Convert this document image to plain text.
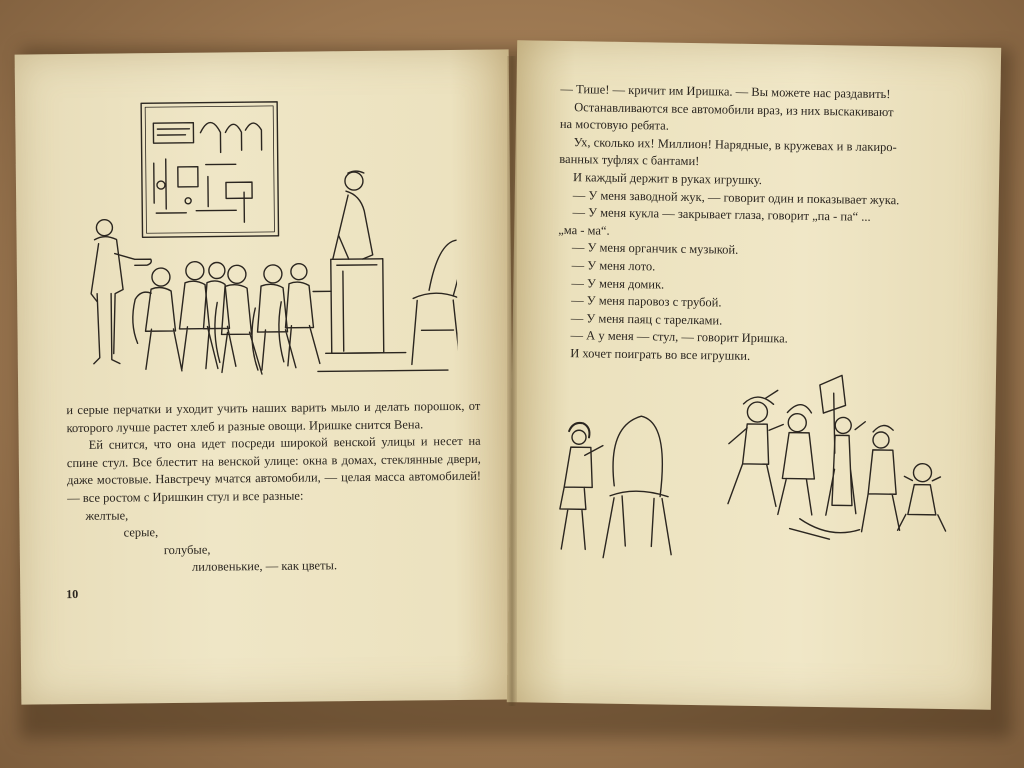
и серые перчатки и уходит учить наших варить мыло и делать порошок, от которого лучше растет хлеб и разные овощи. Иришке снится Вена.

Ей снится, что она идет посреди широкой венской улицы и несет на спине стул. Все блестит на венской улице: окна в домах, стеклянные двери, даже мостовые. Навстречу мчатся автомобили, — целая масса автомобилей! — все ростом с Иришкин стул и все разные:

желтые,
серые,
голубые,
лиловенькие, — как цветы.
10
— Тише! — кричит им Иришка. — Вы можете нас раздавить!
Останавливаются все автомобили враз, из них выскакивают
на мостовую ребята.
Ух, сколько их! Миллион! Нарядные, в кружевах и в лакиро-
ванных туфлях с бантами!
И каждый держит в руках игрушку.
— У меня заводной жук, — говорит один и показывает жука.
— У меня кукла — закрывает глаза, говорит „па - па“ ...
„ма - ма“.
— У меня органчик с музыкой.
— У меня лото.
— У меня домик.
— У меня паровоз с трубой.
— У меня паяц с тарелками.
— А у меня — стул, — говорит Иришка.
И хочет поиграть во все игрушки.
